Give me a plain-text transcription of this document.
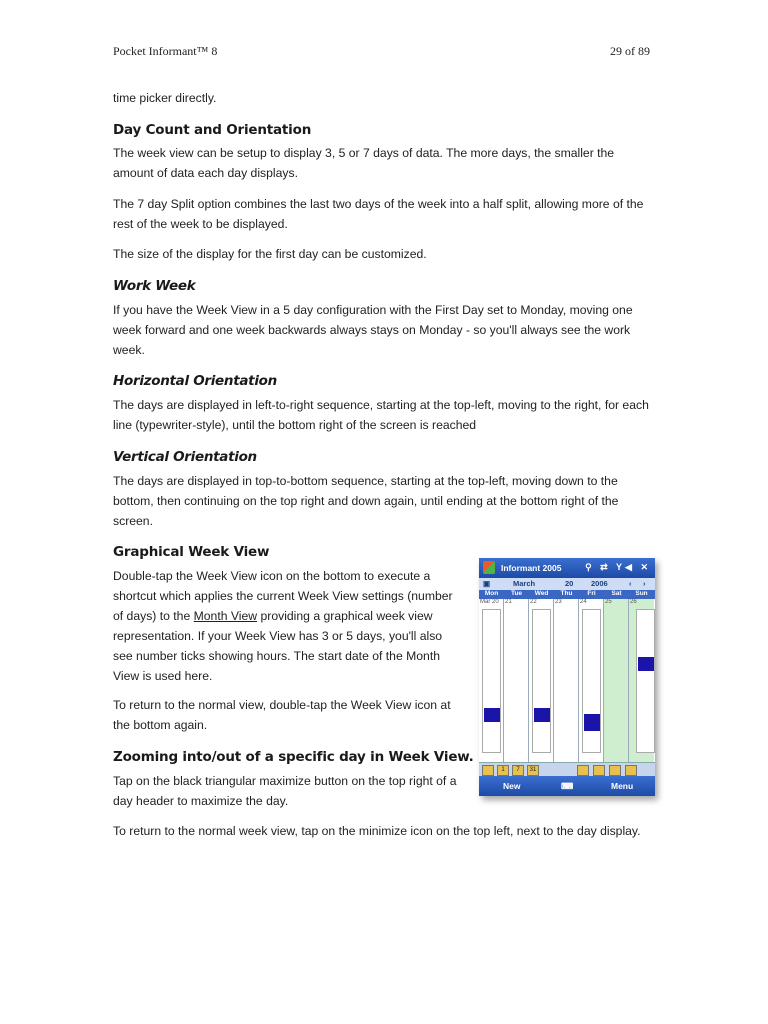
Pocket Informant™ 8	29 of 89

time picker directly.

Day Count and Orientation

The week view can be setup to display 3, 5 or 7 days of data. The more days, the smaller the amount of data each day displays.

The 7 day Split option combines the last two days of the week into a half split, allowing more of the rest of the week to be displayed.

The size of the display for the first day can be customized.

Work Week

If you have the Week View in a 5 day configuration with the First Day set to Monday, moving one week forward and one week backwards always stays on Monday - so you'll always see the work week.

Horizontal Orientation

The days are displayed in left-to-right sequence, starting at the top-left, moving to the right, for each line (typewriter-style), until the bottom right of the screen is reached

Vertical Orientation

The days are displayed in top-to-bottom sequence, starting at the top-left, moving down to the bottom, then continuing on the top right and down again, until ending at the bottom right of the screen.

Graphical Week View

Double-tap the Week View icon on the bottom to execute a shortcut which applies the current Week View settings (number of days) to the Month View providing a graphical week view representation. If your Week View has 3 or 5 days, you'll also see number ticks showing hours. The start date of the Month View is used here.

To return to the normal view, double-tap the Week View icon at the bottom again.

Zooming into/out of a specific day in Week View.

Tap on the black triangular maximize button on the top right of a day header to maximize the day.

To return to the normal week view, tap on the minimize icon on the top left, next to the day display.

Informant 2005	⚲ ⇄ Y◀ ✕
▣	March	20 2006	‹ ›
Mon	Tue	Wed	Thu	Fri	Sat	Sun
Mar 20 21	22	23	24	25	26
1	7	31
New	⌨	Menu
